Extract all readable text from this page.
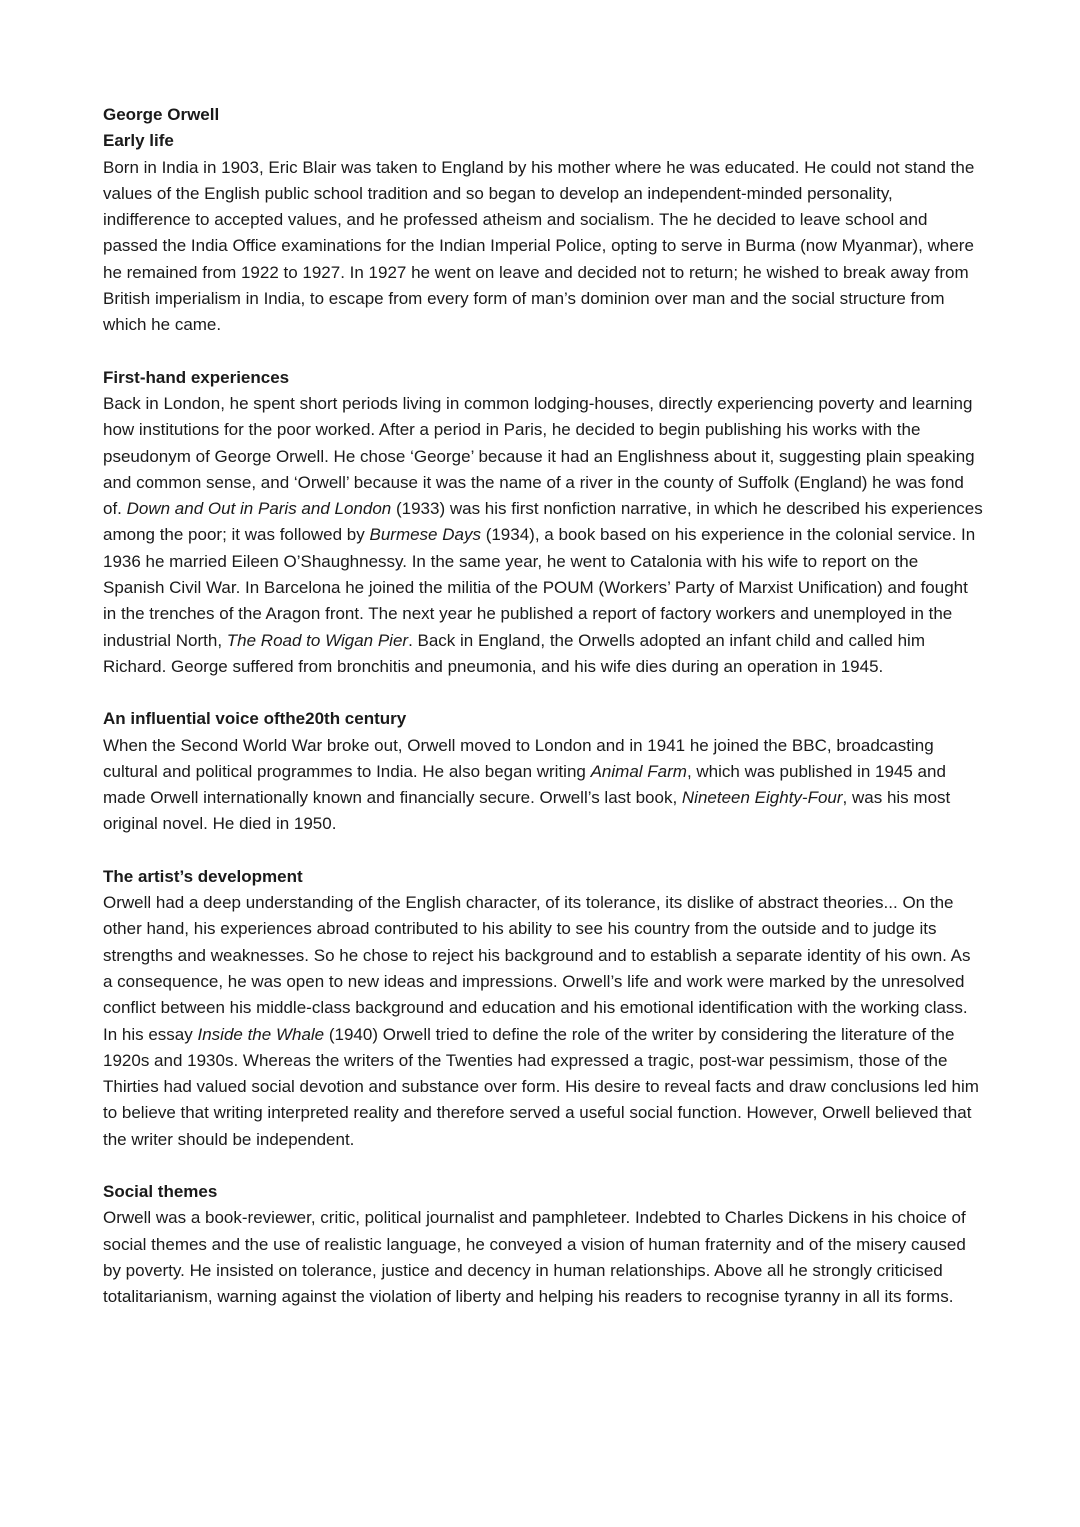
George Orwell

Early life

Born in India in 1903, Eric Blair was taken to England by his mother where he was educated. He could not stand the values of the English public school tradition and so began to develop an independent-minded personality, indifference to accepted values, and he professed atheism and socialism. The he decided to leave school and passed the India Office examinations for the Indian Imperial Police, opting to serve in Burma (now Myanmar), where he remained from 1922 to 1927. In 1927 he went on leave and decided not to return; he wished to break away from British imperialism in India, to escape from every form of man’s dominion over man and the social structure from which he came.

First-hand experiences

Back in London, he spent short periods living in common lodging-houses, directly experiencing poverty and learning how institutions for the poor worked. After a period in Paris, he decided to begin publishing his works with the pseudonym of George Orwell. He chose ‘George’ because it had an Englishness about it, suggesting plain speaking and common sense, and ‘Orwell’ because it was the name of a river in the county of Suffolk (England) he was fond of. Down and Out in Paris and London (1933) was his first nonfiction narrative, in which he described his experiences among the poor; it was followed by Burmese Days (1934), a book based on his experience in the colonial service. In 1936 he married Eileen O’Shaughnessy. In the same year, he went to Catalonia with his wife to report on the Spanish Civil War. In Barcelona he joined the militia of the POUM (Workers’ Party of Marxist Unification) and fought in the trenches of the Aragon front. The next year he published a report of factory workers and unemployed in the industrial North, The Road to Wigan Pier. Back in England, the Orwells adopted an infant child and called him Richard. George suffered from bronchitis and pneumonia, and his wife dies during an operation in 1945.

An influential voice ofthe20th century

When the Second World War broke out, Orwell moved to London and in 1941 he joined the BBC, broadcasting cultural and political programmes to India. He also began writing Animal Farm, which was published in 1945 and made Orwell internationally known and financially secure. Orwell’s last book, Nineteen Eighty-Four, was his most original novel. He died in 1950.

The artist’s development

Orwell had a deep understanding of the English character, of its tolerance, its dislike of abstract theories... On the other hand, his experiences abroad contributed to his ability to see his country from the outside and to judge its strengths and weaknesses. So he chose to reject his background and to establish a separate identity of his own. As a consequence, he was open to new ideas and impressions. Orwell’s life and work were marked by the unresolved conflict between his middle-class background and education and his emotional identification with the working class. In his essay Inside the Whale (1940) Orwell tried to define the role of the writer by considering the literature of the 1920s and 1930s. Whereas the writers of the Twenties had expressed a tragic, post-war pessimism, those of the Thirties had valued social devotion and substance over form. His desire to reveal facts and draw conclusions led him to believe that writing interpreted reality and therefore served a useful social function. However, Orwell believed that the writer should be independent.

Social themes

Orwell was a book-reviewer, critic, political journalist and pamphleteer. Indebted to Charles Dickens in his choice of social themes and the use of realistic language, he conveyed a vision of human fraternity and of the misery caused by poverty. He insisted on tolerance, justice and decency in human relationships. Above all he strongly criticised totalitarianism, warning against the violation of liberty and helping his readers to recognise tyranny in all its forms.
